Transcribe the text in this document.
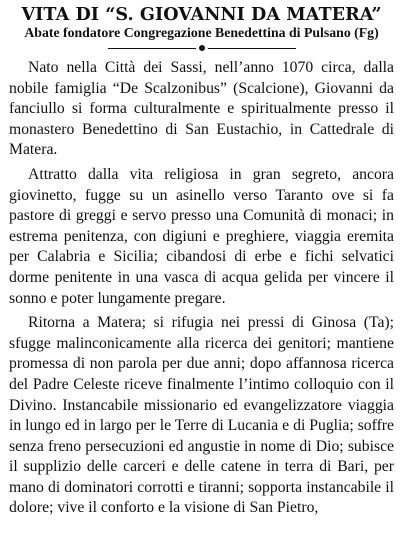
VITA DI “S. GIOVANNI DA MATERA”
Abate fondatore Congregazione Benedettina di Pulsano (Fg)

Nato nella Città dei Sassi, nell’anno 1070 circa, dalla nobile famiglia “De Scalzonibus” (Scalcione), Giovanni da fanciullo si forma culturalmente e spiritualmente presso il monastero Benedettino di San Eustachio, in Cattedrale di Matera.

Attratto dalla vita religiosa in gran segreto, ancora giovinetto, fugge su un asinello verso Taranto ove si fa pastore di greggi e servo presso una Comunità di monaci; in estrema penitenza, con digiuni e preghiere, viaggia eremita per Calabria e Sicilia; cibandosi di erbe e fichi selvatici dorme penitente in una vasca di acqua gelida per vincere il sonno e poter lungamente pregare.

Ritorna a Matera; si rifugia nei pressi di Ginosa (Ta); sfugge malinconicamente alla ricerca dei genitori; mantiene promessa di non parola per due anni; dopo affannosa ricerca del Padre Celeste riceve finalmente l’intimo colloquio con il Divino. Instancabile missionario ed evangelizzatore viaggia in lungo ed in largo per le Terre di Lucania e di Puglia; soffre senza freno persecuzioni ed angustie in nome di Dio; subisce il supplizio delle carceri e delle catene in terra di Bari, per mano di dominatori corrotti e tiranni; sopporta instancabile il dolore; vive il conforto e la visione di San Pietro,
